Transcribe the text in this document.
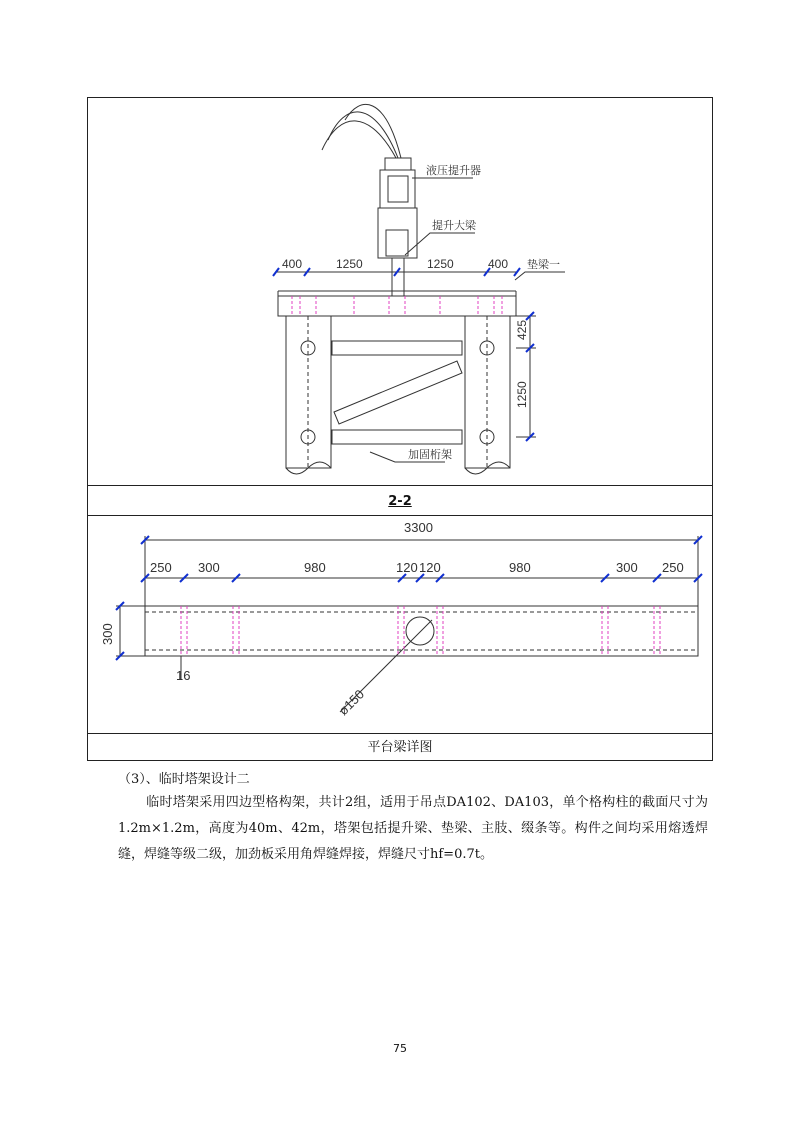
液压提升器
提升大梁
垫梁一
加固桁架
400	1250	1250	400
425
1250
3300
250 300	980	120 120	980	300 250
300
16
ø150
2-2
平台梁详图
（3）、临时塔架设计二
临时塔架采用四边型格构架，共计2组，适用于吊点DA102、DA103，单个格构柱的截面尺寸为1.2m×1.2m，高度为40m、42m，塔架包括提升梁、垫梁、主肢、缀条等。构件之间均采用熔透焊缝，焊缝等级二级，加劲板采用角焊缝焊接，焊缝尺寸hf=0.7t。
75
